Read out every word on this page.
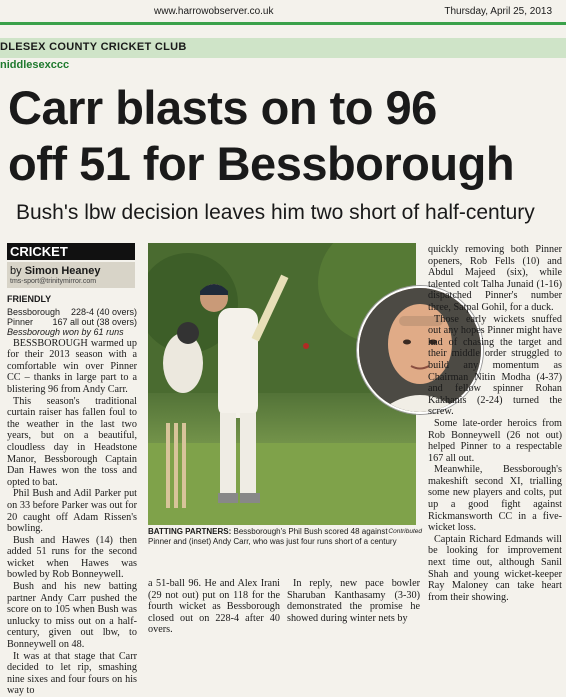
www.harrowobserver.co.uk	Thursday, April 25, 2013
DLESEX COUNTY CRICKET CLUB
niddlesexccc
Carr blasts on to 96
off 51 for Bessborough
Bush's lbw decision leaves him two short of half-century
CRICKET
by Simon Heaney
tms-sport@trinitymirror.com
FRIENDLY
Bessborough 228-4 (40 overs)
Pinner 167 all out (38 overs)
Bessborough won by 61 runs

BESSBOROUGH warmed up for their 2013 season with a comfortable win over Pinner CC – thanks in large part to a blistering 96 from Andy Carr.

This season's traditional curtain raiser has fallen foul to the weather in the last two years, but on a beautiful, cloudless day in Headstone Manor, Bessborough Captain Dan Hawes won the toss and opted to bat.

Phil Bush and Adil Parker put on 33 before Parker was out for 20 caught off Adam Rissen's bowling.

Bush and Hawes (14) then added 51 runs for the second wicket when Hawes was bowled by Rob Bonneywell.

Bush and his new batting partner Andy Carr pushed the score on to 105 when Bush was unlucky to miss out on a half-century, given out lbw, to Bonneywell on 48.

It was at that stage that Carr decided to let rip, smashing nine sixes and four fours on his way to

Contributed
BATTING PARTNERS: Bessborough's Phil Bush scored 48 against Pinner and (inset) Andy Carr, who was just four runs short of a century

a 51-ball 96. He and Alex Irani (29 not out) put on 118 for the fourth wicket as Bessborough closed out on 228-4 after 40 overs.

In reply, new pace bowler Sharuban Kanthasamy (3-30) demonstrated the promise he showed during winter nets by

quickly removing both Pinner openers, Rob Fells (10) and Abdul Majeed (six), while talented colt Talha Junaid (1-16) dispatched Pinner's number three, Satpal Gohil, for a duck.

Those early wickets snuffed out any hopes Pinner might have had of chasing the target and their middle order struggled to build any momentum as Chairman Nitin Modha (4-37) and fellow spinner Rohan Kakhanis (2-24) turned the screw.

Some late-order heroics from Rob Bonneywell (26 not out) helped Pinner to a respectable 167 all out.

Meanwhile, Bessborough's makeshift second XI, trialling some new players and colts, put up a good fight against Rickmansworth CC in a five-wicket loss.

Captain Richard Edmands will be looking for improvement next time out, although Sanil Shah and young wicket-keeper Ray Maloney can take heart from their showing.
